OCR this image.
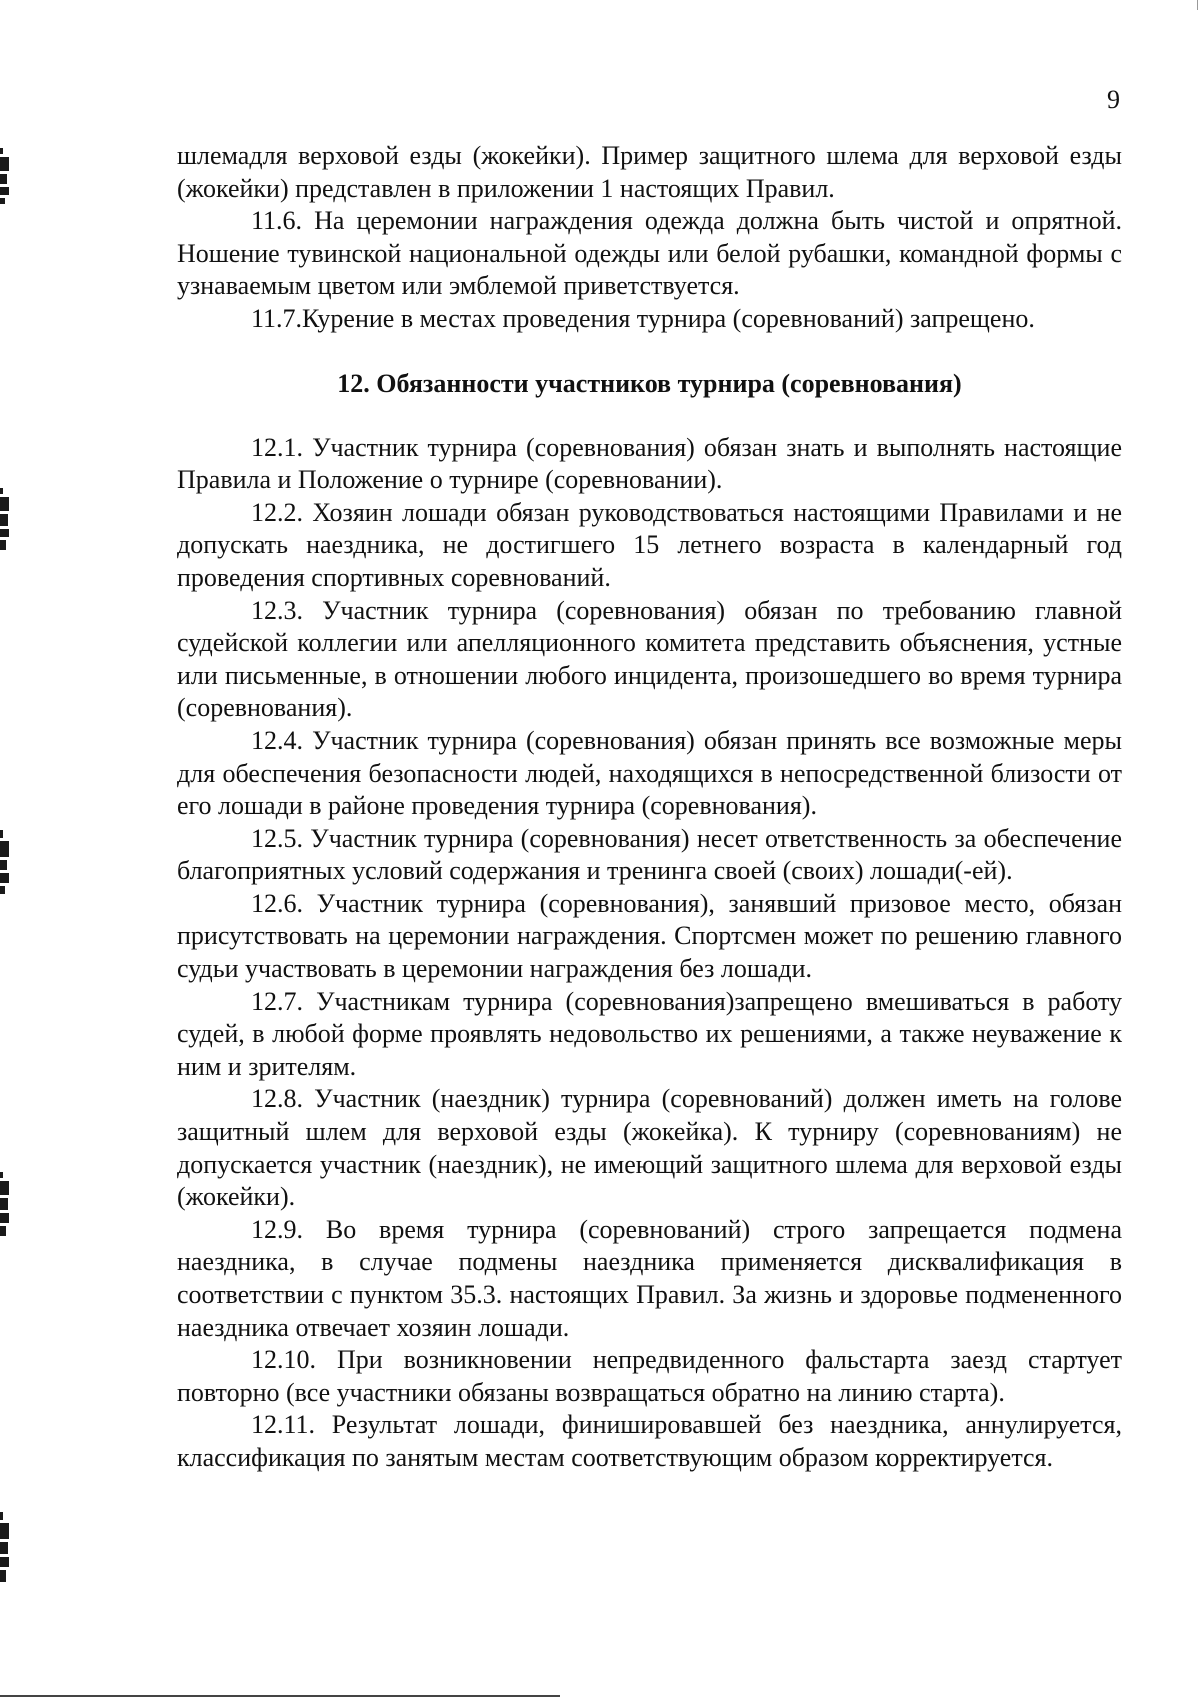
9

шлемадля верховой езды (жокейки). Пример защитного шлема для верховой езды (жокейки) представлен в приложении 1 настоящих Правил.

11.6. На церемонии награждения одежда должна быть чистой и опрятной. Ношение тувинской национальной одежды или белой рубашки, командной формы с узнаваемым цветом или эмблемой приветствуется.

11.7.Курение в местах проведения турнира (соревнований) запрещено.

12. Обязанности участников турнира (соревнования)

12.1. Участник турнира (соревнования) обязан знать и выполнять настоящие Правила и Положение о турнире (соревновании).

12.2. Хозяин лошади обязан руководствоваться настоящими Правилами и не допускать наездника, не достигшего 15 летнего возраста в календарный год проведения спортивных соревнований.

12.3. Участник турнира (соревнования) обязан по требованию главной судейской коллегии или апелляционного комитета представить объяснения, устные или письменные, в отношении любого инцидента, произошедшего во время турнира (соревнования).

12.4. Участник турнира (соревнования) обязан принять все возможные меры для обеспечения безопасности людей, находящихся в непосредственной близости от его лошади в районе проведения турнира (соревнования).

12.5. Участник турнира (соревнования) несет ответственность за обеспечение благоприятных условий содержания и тренинга своей (своих) лошади(-ей).

12.6. Участник турнира (соревнования), занявший призовое место, обязан присутствовать на церемонии награждения. Спортсмен может по решению главного судьи участвовать в церемонии награждения без лошади.

12.7. Участникам турнира (соревнования)запрещено вмешиваться в работу судей, в любой форме проявлять недовольство их решениями, а также неуважение к ним и зрителям.

12.8. Участник (наездник) турнира (соревнований) должен иметь на голове защитный шлем для верховой езды (жокейка). К турниру (соревнованиям) не допускается участник (наездник), не имеющий защитного шлема для верховой езды (жокейки).

12.9. Во время турнира (соревнований) строго запрещается подмена наездника, в случае подмены наездника применяется дисквалификация в соответствии с пунктом 35.3. настоящих Правил. За жизнь и здоровье подмененного наездника отвечает хозяин лошади.

12.10. При возникновении непредвиденного фальстарта заезд стартует повторно (все участники обязаны возвращаться обратно на линию старта).

12.11. Результат лошади, финишировавшей без наездника, аннулируется, классификация по занятым местам соответствующим образом корректируется.
